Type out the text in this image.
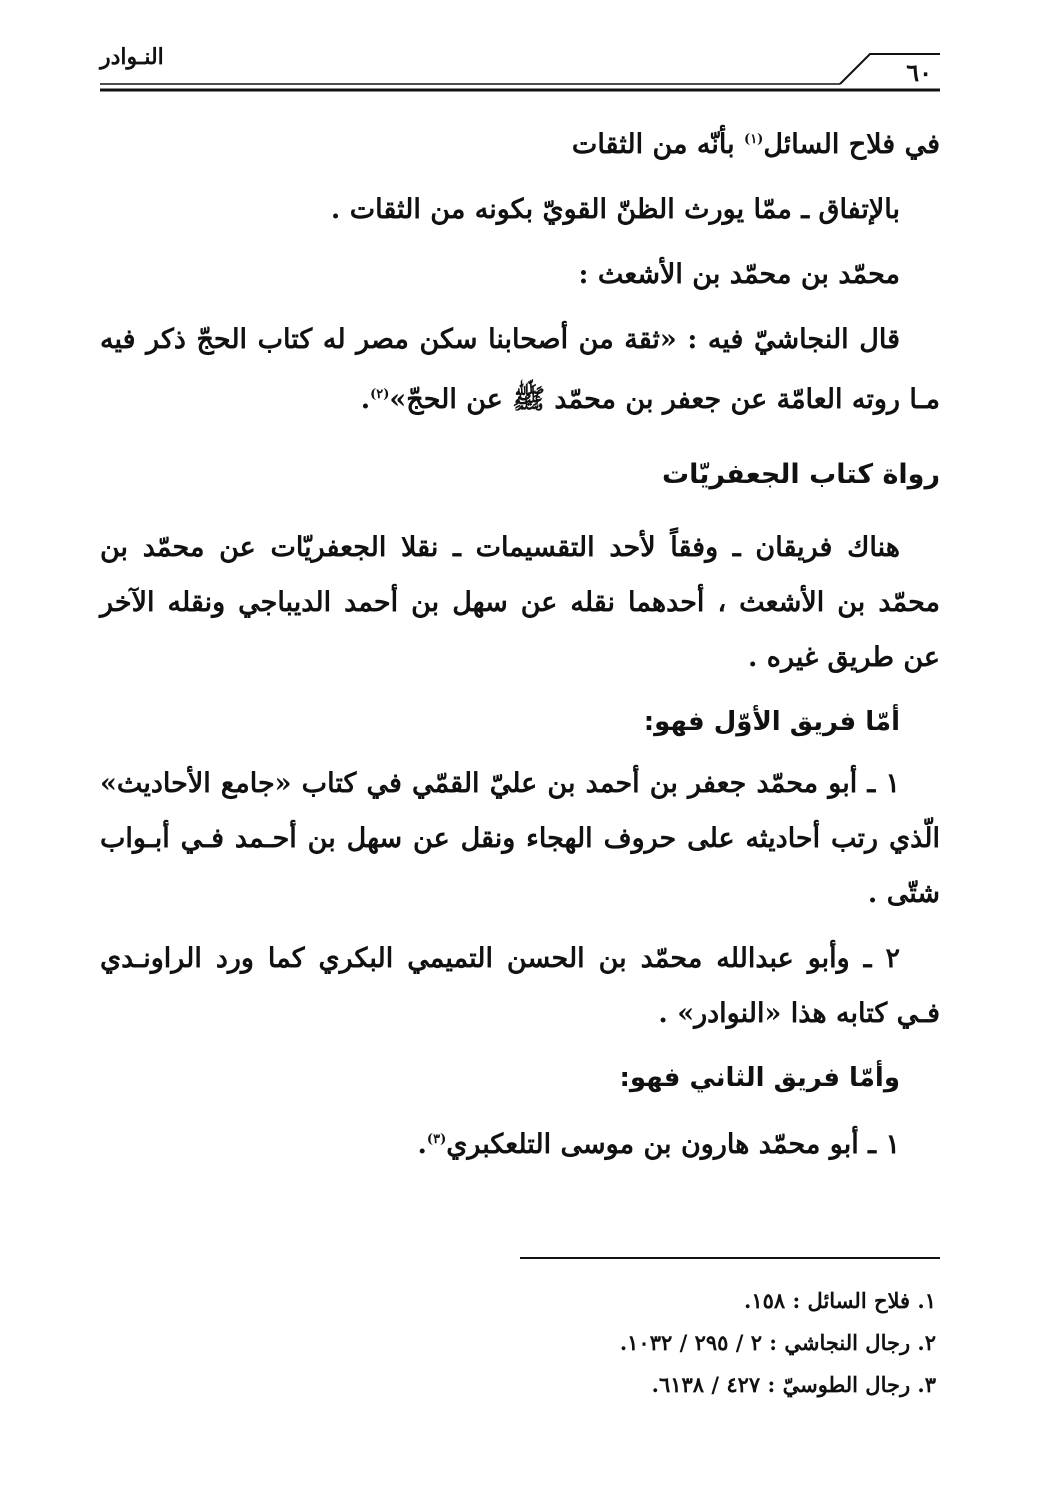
النـوادر
٦٠

في فلاح السائل$^{(١)}$ بأنّه من الثقات

بالإتفاق ـ ممّا يورث الظنّ القويّ بكونه من الثقات .

محمّد بن محمّد بن الأشعث :

قال النجاشيّ فيه : «ثقة من أصحابنا سكن مصر له كتاب الحجّ ذكر فيه مـا روته العامّة عن جعفر بن محمّد ﷺ عن الحجّ»$^{(٢)}$.

رواة كتاب الجعفريّات

هناك فريقان ـ وفقاً لأحد التقسيمات ـ نقلا الجعفريّات عن محمّد بن محمّد بن الأشعث ، أحدهما نقله عن سهل بن أحمد الديباجي ونقله الآخر عن طريق غيره .

أمّا فريق الأوّل فهو:

١ ـ أبو محمّد جعفر بن أحمد بن عليّ القمّي في كتاب «جامع الأحاديث» الّذي رتب أحاديثه على حروف الهجاء ونقل عن سهل بن أحـمد فـي أبـواب شتّى .

٢ ـ وأبو عبدالله محمّد بن الحسن التميمي البكري كما ورد الراونـدي فـي كتابه هذا «النوادر» .

وأمّا فريق الثاني فهو:

١ ـ أبو محمّد هارون بن موسى التلعكبري$^{(٣)}$.

١. فلاح السائل : ١٥٨.

٢. رجال النجاشي : ٢ / ٢٩٥ / ١٠٣٢.

٣. رجال الطوسيّ : ٤٢٧ / ٦١٣٨.
